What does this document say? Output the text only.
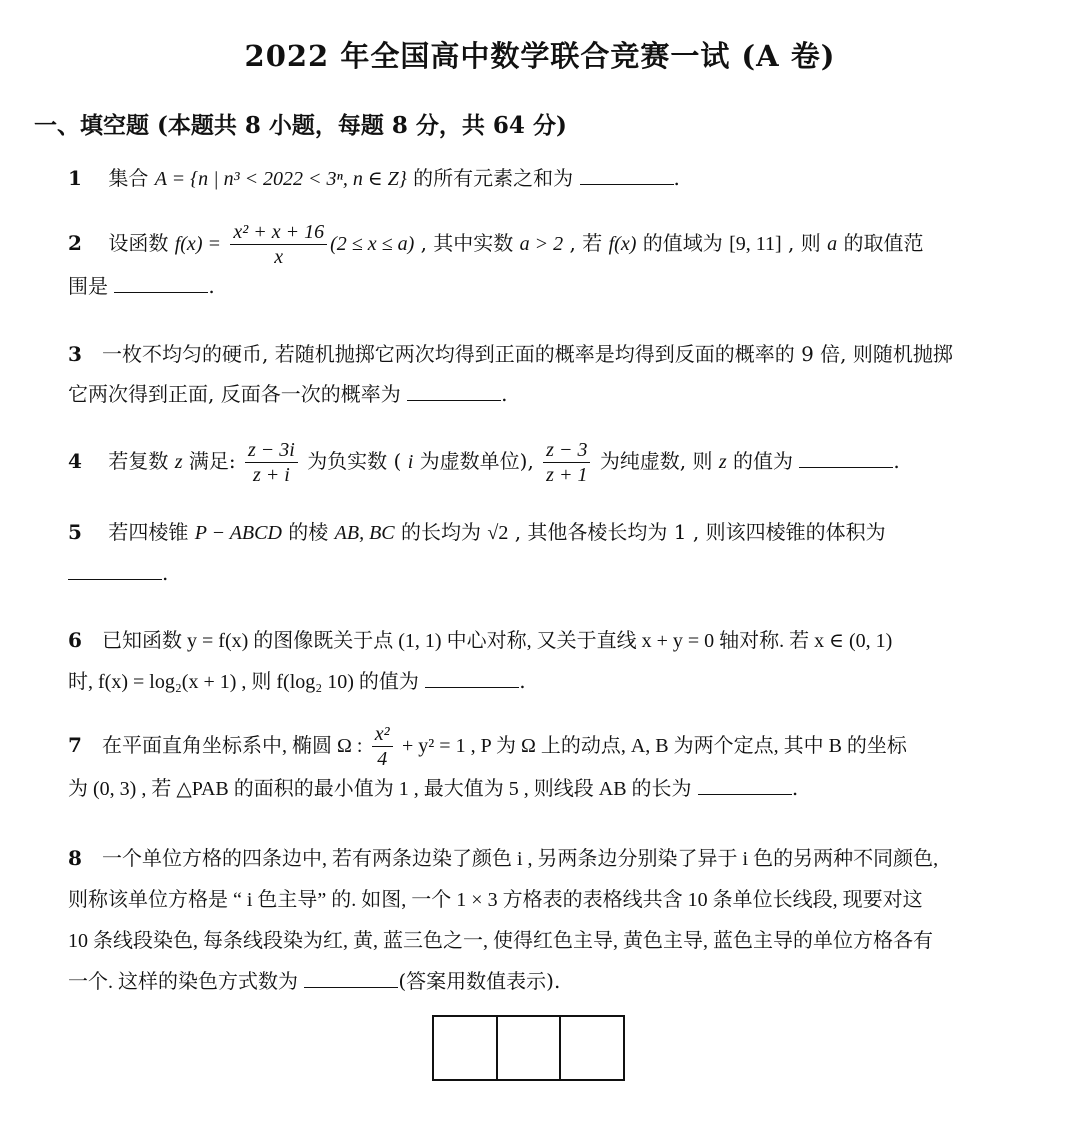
2022 年全国高中数学联合竞赛一试 (A 卷)
一、填空题 (本题共 8 小题，每题 8 分，共 64 分)
1 集合 A = {n | n³ < 2022 < 3ⁿ, n ∈ Z} 的所有元素之和为	.
2 设函数 $f(x) = \frac{\text{x² + x + 16}}{x} (2 \le x \le a)$ , 其中实数 a > 2 , 若 f(x) 的值域为 [9, 11] , 则 a 的取值范
围是	.
3 一枚不均匀的硬币, 若随机抛掷它两次均得到正面的概率是均得到反面的概率的 9 倍, 则随机抛掷
它两次得到正面, 反面各一次的概率为	.
4 若复数 z 满足: $\frac{z - 3i}{z + i}$ 为负实数 ( i 为虚数单位), $\frac{z - 3}{z + 1}$ 为纯虚数, 则 z 的值为	.
5 若四棱锥 P − ABCD 的棱 AB, BC 的长均为 √2 , 其他各棱长均为 1 , 则该四棱锥的体积为
.
6 已知函数 y = f(x) 的图像既关于点 (1, 1) 中心对称, 又关于直线 x + y = 0 轴对称. 若 x ∈ (0, 1)
时, f(x) = log₂(x + 1) , 则 f(log₂ 10) 的值为	.
7 在平面直角坐标系中, 椭圆 Ω : $\frac{\text{x²}}{4} + y^2 = 1$ , P 为 Ω 上的动点, A, B 为两个定点, 其中 B 的坐标
为 (0, 3) , 若 △PAB 的面积的最小值为 1 , 最大值为 5 , 则线段 AB 的长为	.
8 一个单位方格的四条边中, 若有两条边染了颜色 i , 另两条边分别染了异于 i 色的另两种不同颜色,
则称该单位方格是 “ i 色主导” 的. 如图, 一个 1 × 3 方格表的表格线共含 10 条单位长线段, 现要对这
10 条线段染色, 每条线段染为红, 黄, 蓝三色之一, 使得红色主导, 黄色主导, 蓝色主导的单位方格各有
一个. 这样的染色方式数为	(答案用数值表示).
